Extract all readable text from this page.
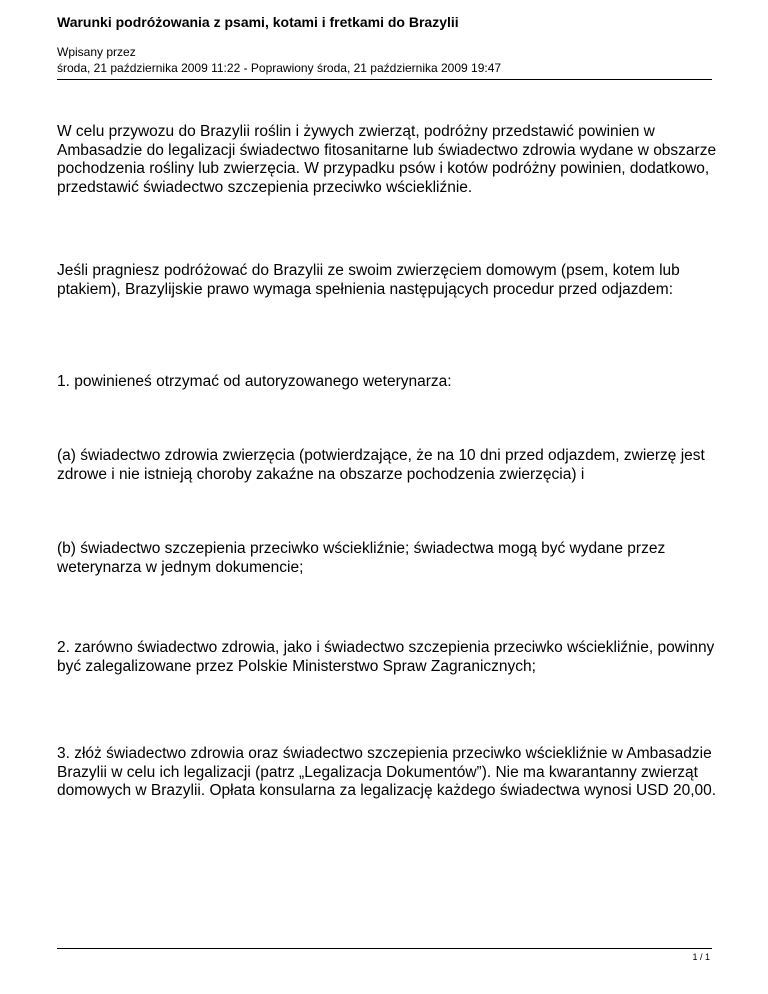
Warunki podróżowania z psami, kotami i fretkami do Brazylii
Wpisany przez
środa, 21 października 2009 11:22 - Poprawiony środa, 21 października 2009 19:47

W celu przywozu do Brazylii roślin i żywych zwierząt, podróżny przedstawić powinien w Ambasadzie do legalizacji świadectwo fitosanitarne lub świadectwo zdrowia wydane w obszarze pochodzenia rośliny lub zwierzęcia. W przypadku psów i kotów podróżny powinien, dodatkowo, przedstawić świadectwo szczepienia przeciwko wściekliźnie.

Jeśli pragniesz podróżować do Brazylii ze swoim zwierzęciem domowym (psem, kotem lub ptakiem), Brazylijskie prawo wymaga spełnienia następujących procedur przed odjazdem:

1. powinieneś otrzymać od autoryzowanego weterynarza:

(a) świadectwo zdrowia zwierzęcia (potwierdzające, że na 10 dni przed odjazdem, zwierzę jest zdrowe i nie istnieją choroby zakaźne na obszarze pochodzenia zwierzęcia) i

(b) świadectwo szczepienia przeciwko wściekliźnie; świadectwa mogą być wydane przez weterynarza w jednym dokumencie;

2. zarówno świadectwo zdrowia, jako i świadectwo szczepienia przeciwko wściekliźnie, powinny być zalegalizowane przez Polskie Ministerstwo Spraw Zagranicznych;

3. złóż świadectwo zdrowia oraz świadectwo szczepienia przeciwko wściekliźnie w Ambasadzie Brazylii w celu ich legalizacji (patrz „Legalizacja Dokumentów”). Nie ma kwarantanny zwierząt domowych w Brazylii. Opłata konsularna za legalizację każdego świadectwa wynosi USD 20,00.

1 / 1
